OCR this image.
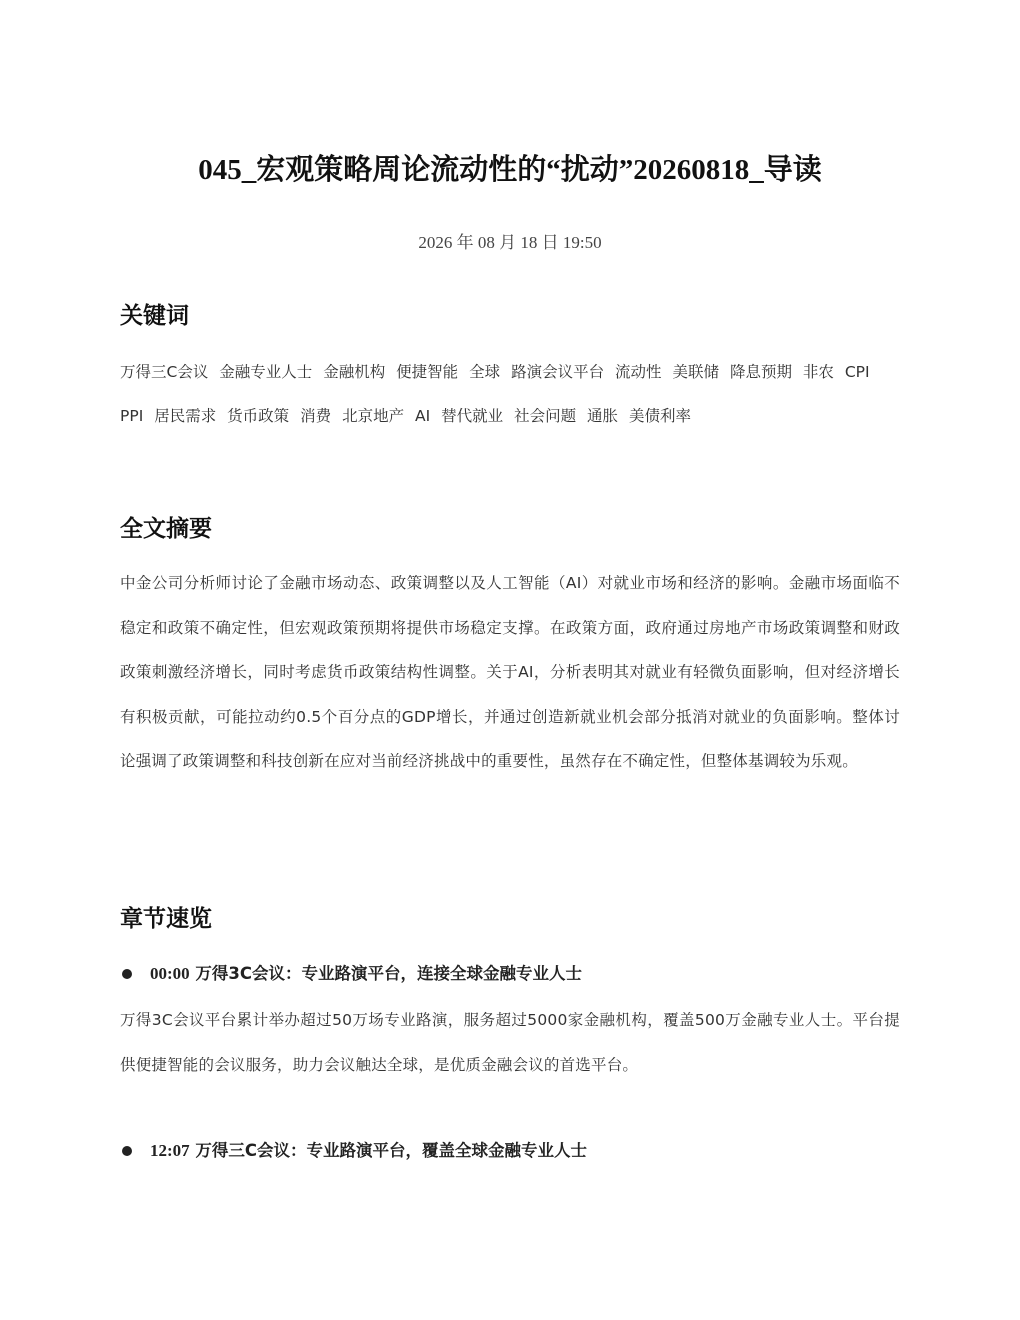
045_宏观策略周论流动性的“扰动”20260818_导读
2026 年 08 月 18 日 19:50
关键词
万得三C会议 金融专业人士 金融机构 便捷智能 全球 路演会议平台 流动性 美联储 降息预期 非农 CPI PPI 居民需求 货币政策 消费 北京地产 AI 替代就业 社会问题 通胀 美债利率
全文摘要

中金公司分析师讨论了金融市场动态、政策调整以及人工智能（AI）对就业市场和经济的影响。金融市场面临不稳定和政策不确定性，但宏观政策预期将提供市场稳定支撑。在政策方面，政府通过房地产市场政策调整和财政政策刺激经济增长，同时考虑货币政策结构性调整。关于AI，分析表明其对就业有轻微负面影响，但对经济增长有积极贡献，可能拉动约0.5个百分点的GDP增长，并通过创造新就业机会部分抵消对就业的负面影响。整体讨论强调了政策调整和科技创新在应对当前经济挑战中的重要性，虽然存在不确定性，但整体基调较为乐观。

章节速览
00:00 万得3C会议：专业路演平台，连接全球金融专业人士

万得3C会议平台累计举办超过50万场专业路演，服务超过5000家金融机构，覆盖500万金融专业人士。平台提供便捷智能的会议服务，助力会议触达全球，是优质金融会议的首选平台。

12:07 万得三C会议：专业路演平台，覆盖全球金融专业人士
